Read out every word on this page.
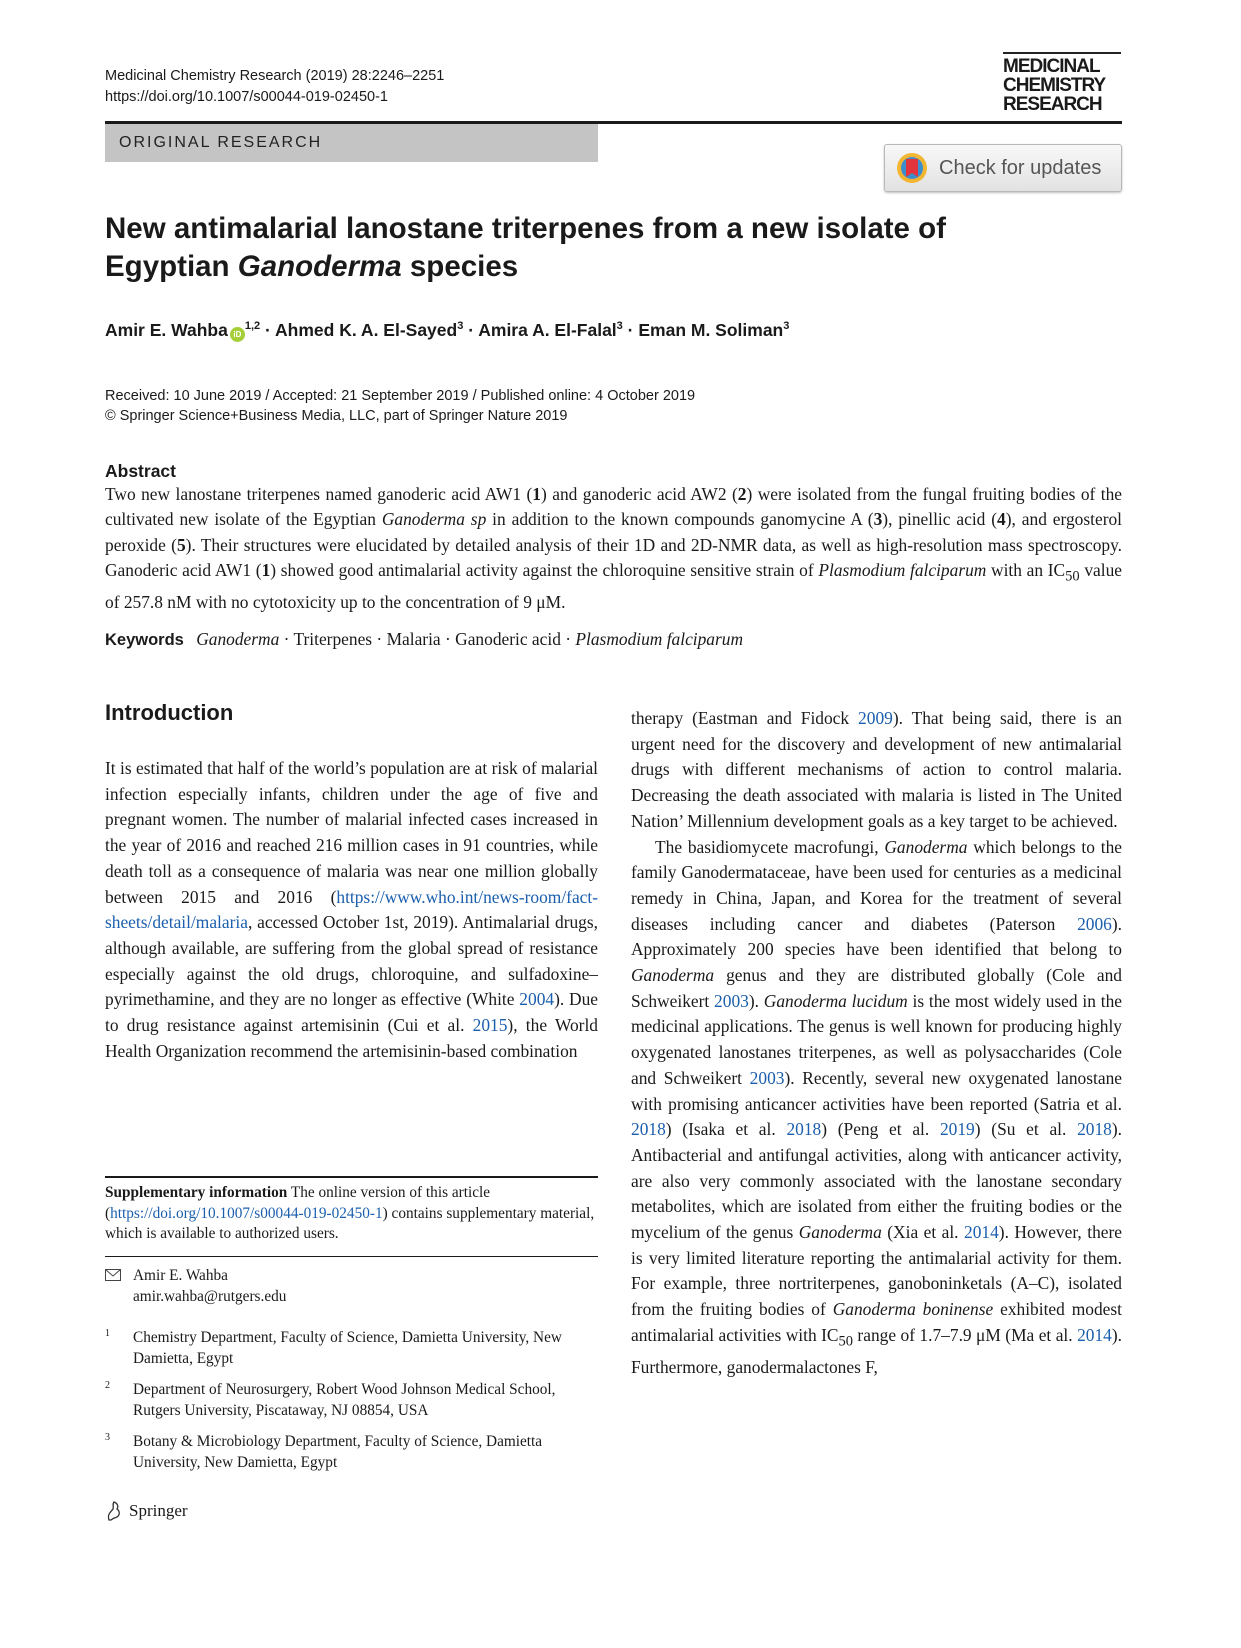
Medicinal Chemistry Research (2019) 28:2246–2251
https://doi.org/10.1007/s00044-019-02450-1
MEDICINAL
CHEMISTRY
RESEARCH
ORIGINAL RESEARCH
Check for updates
New antimalarial lanostane triterpenes from a new isolate of Egyptian Ganoderma species
Amir E. Wahba iD$^{1,2}$ · Ahmed K. A. El-Sayed$^3$ · Amira A. El-Falal$^3$ · Eman M. Soliman$^3$
Received: 10 June 2019 / Accepted: 21 September 2019 / Published online: 4 October 2019
© Springer Science+Business Media, LLC, part of Springer Nature 2019
Abstract
Two new lanostane triterpenes named ganoderic acid AW1 (1) and ganoderic acid AW2 (2) were isolated from the fungal fruiting bodies of the cultivated new isolate of the Egyptian Ganoderma sp in addition to the known compounds ganomycine A (3), pinellic acid (4), and ergosterol peroxide (5). Their structures were elucidated by detailed analysis of their 1D and 2D-NMR data, as well as high-resolution mass spectroscopy. Ganoderic acid AW1 (1) showed good antimalarial activity against the chloroquine sensitive strain of Plasmodium falciparum with an $IC_{50}$ value of 257.8 nM with no cytotoxicity up to the concentration of 9 μM.
Keywords Ganoderma · Triterpenes · Malaria · Ganoderic acid · Plasmodium falciparum
Introduction

It is estimated that half of the world’s population are at risk of malarial infection especially infants, children under the age of five and pregnant women. The number of malarial infected cases increased in the year of 2016 and reached 216 million cases in 91 countries, while death toll as a consequence of malaria was near one million globally between 2015 and 2016 (https://www.who.int/news-room/fact-sheets/detail/malaria, accessed October 1st, 2019). Antimalarial drugs, although available, are suffering from the global spread of resistance especially against the old drugs, chloroquine, and sulfadoxine–pyrimethamine, and they are no longer as effective (White 2004). Due to drug resistance against artemisinin (Cui et al. 2015), the World Health Organization recommend the artemisinin-based combination

therapy (Eastman and Fidock 2009). That being said, there is an urgent need for the discovery and development of new antimalarial drugs with different mechanisms of action to control malaria. Decreasing the death associated with malaria is listed in The United Nation’ Millennium development goals as a key target to be achieved.

The basidiomycete macrofungi, Ganoderma which belongs to the family Ganodermataceae, have been used for centuries as a medicinal remedy in China, Japan, and Korea for the treatment of several diseases including cancer and diabetes (Paterson 2006). Approximately 200 species have been identified that belong to Ganoderma genus and they are distributed globally (Cole and Schweikert 2003). Ganoderma lucidum is the most widely used in the medicinal applications. The genus is well known for producing highly oxygenated lanostanes triterpenes, as well as polysaccharides (Cole and Schweikert 2003). Recently, several new oxygenated lanostane with promising anticancer activities have been reported (Satria et al. 2018) (Isaka et al. 2018) (Peng et al. 2019) (Su et al. 2018). Antibacterial and antifungal activities, along with anticancer activity, are also very commonly associated with the lanostane secondary metabolites, which are isolated from either the fruiting bodies or the mycelium of the genus Ganoderma (Xia et al. 2014). However, there is very limited literature reporting the antimalarial activity for them. For example, three nortriterpenes, ganoboninketals (A–C), isolated from the fruiting bodies of Ganoderma boninense exhibited modest antimalarial activities with $IC_{50}$ range of 1.7–7.9 μM (Ma et al. 2014). Furthermore, ganodermalactones F,

Supplementary information The online version of this article (https://doi.org/10.1007/s00044-019-02450-1) contains supplementary material, which is available to authorized users.
Amir E. Wahba
amir.wahba@rutgers.edu
1 Chemistry Department, Faculty of Science, Damietta University, New Damietta, Egypt
2 Department of Neurosurgery, Robert Wood Johnson Medical School, Rutgers University, Piscataway, NJ 08854, USA
3 Botany & Microbiology Department, Faculty of Science, Damietta University, New Damietta, Egypt
Springer
